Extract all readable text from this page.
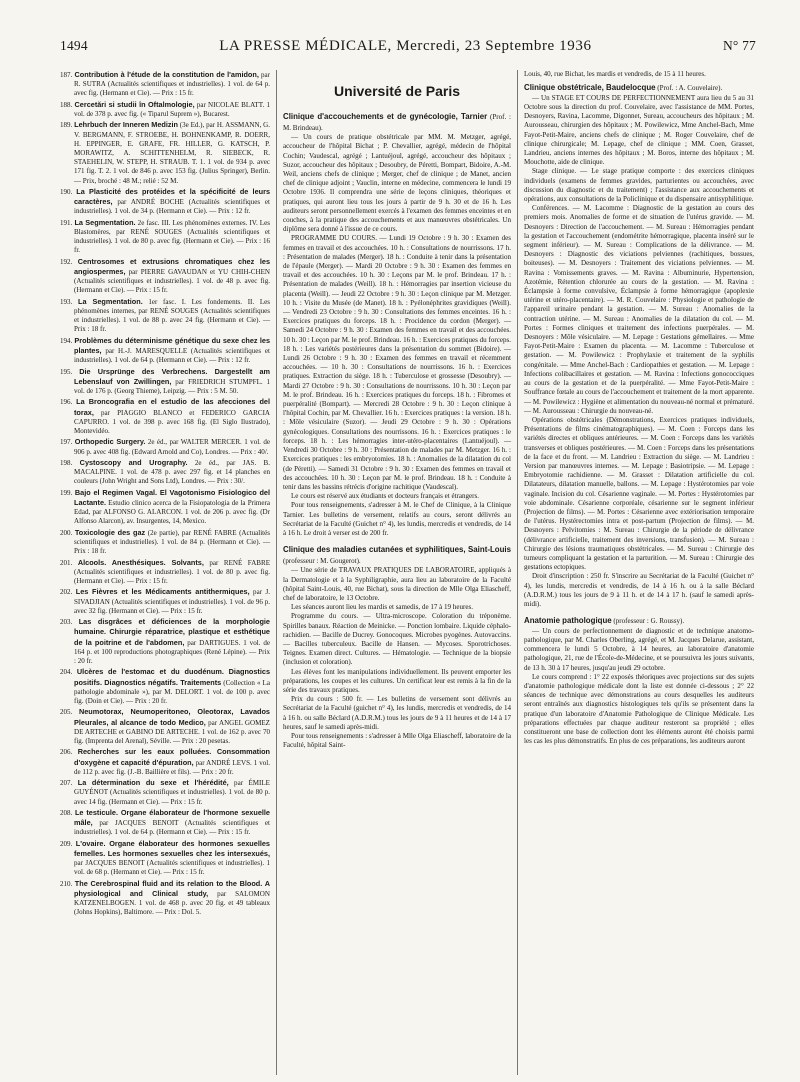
1494	LA PRESSE MÉDICALE, Mercredi, 23 Septembre 1936	N° 77

187. Contribution à l'étude de la constitution de l'amidon, par R. SUTRA (Actualités scientifiques et industrielles). 1 vol. de 64 p. avec fig. (Hermann et Cie). — Prix : 15 fr.

188. Cercetări si studii în Oftalmologie, par NICOLAE BLATT. 1 vol. de 378 p. avec fig. (« Tiparul Suprem »), Bucarest.

189. Lehrbuch der Inneren Medizin (3e Ed.), par H. ASSMANN, G. V. BERGMANN, F. STROEBE, H. BOHNENKAMP, R. DOERR, H. EPPINGER, E. GRAFE, FR. HILLER, G. KATSCH, P. MORAWITZ, A. SCHITTENHELM, R. SIEBECK, R. STAEHELIN, W. STEPP, H. STRAUB. T. 1. 1 vol. de 934 p. avec 171 fig. T. 2. 1 vol. de 846 p. avec 153 fig. (Julius Springer), Berlin. — Prix, broché : 48 M.; relié : 52 M.

190. La Plasticité des protéides et la spécificité de leurs caractères, par ANDRÉ BOCHE (Actualités scientifiques et industrielles). 1 vol. de 34 p. (Hermann et Cie). — Prix : 12 fr.

191. La Segmentation. 2e fasc. III. Les phénomènes externes. IV. Les Blastomères, par RENÉ SOUGES (Actualités scientifiques et industrielles). 1 vol. de 80 p. avec fig. (Hermann et Cie). — Prix : 16 fr.

192. Centrosomes et extrusions chromatiques chez les angiospermes, par PIERRE GAVAUDAN et YU CHIH-CHEN (Actualités scientifiques et industrielles). 1 vol. de 48 p. avec fig. (Hermann et Cie). — Prix : 15 fr.

193. La Segmentation. 1er fasc. I. Les fondements. II. Les phénomènes internes, par RENÉ SOUGES (Actualités scientifiques et industrielles). 1 vol. de 88 p. avec 24 fig. (Hermann et Cie). — Prix : 18 fr.

194. Problèmes du déterminisme génétique du sexe chez les plantes, par H.-J. MARESQUELLE (Actualités scientifiques et industrielles). 1 vol. de 64 p. (Hermann et Cie). — Prix : 12 fr.

195. Die Ursprünge des Verbrechens. Dargestellt am Lebenslauf von Zwillingen, par FRIEDRICH STUMPFL. 1 vol. de 176 p. (Georg Thieme), Leipzig. — Prix : 5 M. 50.

196. La Broncografia en el estudio de las afecciones del torax, par PIAGGIO BLANCO et FEDERICO GARCIA CAPURRO. 1 vol. de 398 p. avec 168 fig. (El Siglo Ilustrado), Montevidéo.

197. Orthopedic Surgery. 2e éd., par WALTER MERCER. 1 vol. de 906 p. avec 408 fig. (Edward Arnold and Co), Londres. — Prix : 40/.

198. Cystoscopy and Urography. 2e éd., par JAS. B. MACALPINE. 1 vol. de 478 p. avec 297 fig. et 14 planches en couleurs (John Wright and Sons Ltd), Londres. — Prix : 30/.

199. Bajo el Regimen Vagal. El Vagotonismo Fisiologico del Lactante. Estudio clinico acerca de la Fisiopatologia de la Primera Edad, par ALFONSO G. ALARCON. 1 vol. de 206 p. avec fig. (Dr Alfonso Alarcon), av. Insurgentes, 14, Mexico.

200. Toxicologie des gaz (2e partie), par RENÉ FABRE (Actualités scientifiques et industrielles). 1 vol. de 84 p. (Hermann et Cie). — Prix : 18 fr.

201. Alcools. Anesthésiques. Solvants, par RENÉ FABRE (Actualités scientifiques et industrielles). 1 vol. de 80 p. avec fig. (Hermann et Cie). — Prix : 15 fr.

202. Les Fièvres et les Médicaments antithermiques, par J. SIVADJIAN (Actualités scientifiques et industrielles). 1 vol. de 96 p. avec 32 fig. (Hermann et Cie). — Prix : 15 fr.

203. Las disgrâces et déficiences de la morphologie humaine. Chirurgie réparatrice, plastique et esthétique de la poitrine et de l'abdomen, par DARTIGUES. 1 vol. de 164 p. et 100 reproductions photographiques (René Lépine). — Prix : 20 fr.

204. Ulcères de l'estomac et du duodénum. Diagnostics positifs. Diagnostics négatifs. Traitements (Collection « La pathologie abdominale »), par M. DELORT. 1 vol. de 100 p. avec fig. (Doin et Cie). — Prix : 20 fr.

205. Neumotorax, Neumoperitoneo, Oleotorax, Lavados Pleurales, al alcance de todo Medico, par ANGEL GOMEZ DE ARTECHE et GABINO DE ARTECHE. 1 vol. de 162 p. avec 70 fig. (Imprenta del Arenal), Séville. — Prix : 20 pesetas.

206. Recherches sur les eaux polluées. Consommation d'oxygène et capacité d'épuration, par ANDRÉ LEVS. 1 vol. de 112 p. avec fig. (J.-B. Baillière et fils). — Prix : 20 fr.

207. La détermination du sexe et l'hérédité, par ÉMILE GUYÉNOT (Actualités scientifiques et industrielles). 1 vol. de 80 p. avec 14 fig. (Hermann et Cie). — Prix : 15 fr.

208. Le testicule. Organe élaborateur de l'hormone sexuelle mâle, par JACQUES BENOIT (Actualités scientifiques et industrielles). 1 vol. de 64 p. (Hermann et Cie). — Prix : 15 fr.

209. L'ovaire. Organe élaborateur des hormones sexuelles femelles. Les hormones sexuelles chez les intersexués, par JACQUES BENOIT (Actualités scientifiques et industrielles). 1 vol. de 68 p. (Hermann et Cie). — Prix : 15 fr.

210. The Cerebrospinal fluid and its relation to the Blood. A physiological and Clinical study, par SALOMON KATZENELBOGEN. 1 vol. de 468 p. avec 20 fig. et 49 tableaux (Johns Hopkins), Baltimore. — Prix : Dol. 5.

Université de Paris
Clinique d'accouchements et de gynécologie, Tarnier (Prof. : M. Brindeau).

— Un cours de pratique obstétricale par MM. M. Metzger, agrégé, accoucheur de l'hôpital Bichat ; P. Chevallier, agrégé, médecin de l'hôpital Cochin; Vaudescal, agrégé ; Lantuéjoul, agrégé, accoucheur des hôpitaux ; Suzor, accoucheur des hôpitaux ; Desoubry, de Péretti, Bompart, Bidoire, A.-M. Weil, anciens chefs de clinique ; Merger, chef de clinique ; de Manet, ancien chef de clinique adjoint ; Vauclin, interne en médecine, commencera le lundi 19 Octobre 1936. Il comprendra une série de leçons cliniques, théoriques et pratiques, qui auront lieu tous les jours à partir de 9 h. 30 et de 16 h. Les auditeurs seront personnellement exercés à l'examen des femmes enceintes et en couches, à la pratique des accouchements et aux manœuvres obstétricales. Un diplôme sera donné à l'issue de ce cours.

PROGRAMME DU COURS. — Lundi 19 Octobre : 9 h. 30 : Examen des femmes en travail et des accouchées. 10 h. : Consultations de nourrissons. 17 h. : Présentation de malades (Merger). 18 h. : Conduite à tenir dans la présentation de l'épaule (Merger). — Mardi 20 Octobre : 9 h. 30 : Examen des femmes en travail et des accouchées. 10 h. 30 : Leçons par M. le prof. Brindeau. 17 h. : Présentation de malades (Weill). 18 h. : Hémorragies par insertion vicieuse du placenta (Weill). — Jeudi 22 Octobre : 9 h. 30 : Leçon clinique par M. Metzger. 10 h. : Visite du Musée (de Manet). 18 h. : Pyélonéphrites gravidiques (Weill). — Vendredi 23 Octobre : 9 h. 30 : Consultations des femmes enceintes. 16 h. : Exercices pratiques du forceps. 18 h. : Procidence du cordon (Merger). — Samedi 24 Octobre : 9 h. 30 : Examen des femmes en travail et des accouchées. 10 h. 30 : Leçon par M. le prof. Brindeau. 16 h. : Exercices pratiques du forceps. 18 h. : Les variétés postérieures dans la présentation du sommet (Bidoire). — Lundi 26 Octobre : 9 h. 30 : Examen des femmes en travail et récemment accouchées. — 10 h. 30 : Consultations de nourrissons. 16 h. : Exercices pratiques. Extraction du siège. 18 h. : Tuberculose et grossesse (Desoubry). — Mardi 27 Octobre : 9 h. 30 : Consultations de nourrissons. 10 h. 30 : Leçon par M. le prof. Brindeau. 16 h. : Exercices pratiques du forceps. 18 h. : Fibromes et puerpéralité (Bompart). — Mercredi 28 Octobre : 9 h. 30 : Leçon clinique à l'hôpital Cochin, par M. Chevallier. 16 h. : Exercices pratiques : la version. 18 h. : Môle vésiculaire (Suzor). — Jeudi 29 Octobre : 9 h. 30 : Opérations gynécologiques. Consultations des nourrissons. 16 h. : Exercices pratiques : le forceps. 18 h. : Les hémorragies inter-utéro-placentaires (Lantuéjoul). — Vendredi 30 Octobre : 9 h. 30 : Présentation de malades par M. Metzger. 16 h. : Exercices pratiques : les embryotomies. 18 h. : Anomalies de la dilatation du col (de Péretti). — Samedi 31 Octobre : 9 h. 30 : Examen des femmes en travail et des accouchées. 10 h. 30 : Leçon par M. le prof. Brindeau. 18 h. : Conduite à tenir dans les bassins rétrécis d'origine rachitique (Vaudescal).

Le cours est réservé aux étudiants et docteurs français et étrangers.

Pour tous renseignements, s'adresser à M. le Chef de Clinique, à la Clinique Tarnier. Les bulletins de versement, relatifs au cours, seront délivrés au Secrétariat de la Faculté (Guichet n° 4), les lundis, mercredis et vendredis, de 14 à 16 h. Le droit à verser est de 200 fr.

Clinique des maladies cutanées et syphilitiques, Saint-Louis (professeur : M. Gougerot).

— Une série de TRAVAUX PRATIQUES DE LABORATOIRE, appliqués à la Dermatologie et à la Syphiligraphie, aura lieu au laboratoire de la Faculté (hôpital Saint-Louis, 40, rue Bichat), sous la direction de Mlle Olga Eliascheff, chef de laboratoire, le 13 Octobre.

Les séances auront lieu les mardis et samedis, de 17 à 19 heures.

Programme du cours. — Ultra-microscope. Coloration du tréponème. Spirilles banaux. Réaction de Meinicke. — Ponction lombaire. Liquide céphalo-rachidien. — Bacille de Ducrey. Gonocoques. Microbes pyogènes. Autovaccins. — Bacilles tuberculeux. Bacille de Hansen. — Mycoses. Sporotrichoses. Teignes. Examen direct. Cultures. — Hématologie. — Technique de la biopsie (inclusion et coloration).

Les élèves font les manipulations individuellement. Ils peuvent emporter les préparations, les coupes et les cultures. Un certificat leur est remis à la fin de la série des travaux pratiques.

Prix du cours : 500 fr. — Les bulletins de versement sont délivrés au Secrétariat de la Faculté (guichet n° 4), les lundis, mercredis et vendredis, de 14 à 16 h. ou salle Béclard (A.D.R.M.) tous les jours de 9 à 11 heures et de 14 à 17 heures, sauf le samedi après-midi.

Pour tous renseignements : s'adresser à Mlle Olga Eliascheff, laboratoire de la Faculté, hôpital Saint-

Louis, 40, rue Bichat, les mardis et vendredis, de 15 à 11 heures.

Clinique obstétricale, Baudelocque (Prof. : A. Couvelaire).

— Un STAGE ET COURS DE PERFECTIONNEMENT aura lieu du 5 au 31 Octobre sous la direction du prof. Couvelaire, avec l'assistance de MM. Portes, Desnoyers, Ravina, Lacomme, Digonnet, Sureau, accoucheurs des hôpitaux ; M. Aurousseau, chirurgien des hôpitaux ; M. Powilewicz, Mme Anchel-Bach, Mme Fayot-Petit-Maire, anciens chefs de clinique ; M. Roger Couvelaire, chef de clinique chirurgicale; M. Lepage, chef de clinique ; MM. Coen, Grasset, Landrieu, anciens internes des hôpitaux ; M. Boros, interne des hôpitaux ; M. Mouchotte, aide de clinique.

Stage clinique. — Le stage pratique comporte : des exercices cliniques individuels (examens de femmes gravides, parturientes ou accouchées, avec discussion du diagnostic et du traitement) ; l'assistance aux accouchements et opérations, aux consultations de la Policlinique et du dispensaire antisyphilitique.

Conférences. — M. Lacomme : Diagnostic de la gestation au cours des premiers mois. Anomalies de forme et de situation de l'utérus gravide. — M. Desnoyers : Direction de l'accouchement. — M. Sureau : Hémorragies pendant la gestation et l'accouchement (endométrite hémorragique, placenta inséré sur le segment inférieur). — M. Sureau : Complications de la délivrance. — M. Desnoyers : Diagnostic des viciations pelviennes (rachitiques, bossues, boiteuses). — M. Desnoyers : Traitement des viciations pelviennes. — M. Ravina : Vomissements graves. — M. Ravina : Albuminurie, Hypertension, Azotémie, Rétention chlorurée au cours de la gestation. — M. Ravina : Éclampsie à forme convulsive, Éclampsie à forme hémorragique (apoplexie utérine et utéro-placentaire). — M. R. Couvelaire : Physiologie et pathologie de l'appareil urinaire pendant la gestation. — M. Sureau : Anomalies de la contraction utérine. — M. Sureau : Anomalies de la dilatation du col. — M. Portes : Formes cliniques et traitement des infections puerpérales. — M. Desnoyers : Môle vésiculaire. — M. Lepage : Gestations gémellaires. — Mme Fayot-Petit-Maire : Examen du placenta. — M. Lacomme : Tuberculose et gestation. — M. Powilewicz : Prophylaxie et traitement de la syphilis congénitale. — Mme Anchel-Bach : Cardiopathies et gestation. — M. Lepage : Infections colibacillaires et gestation. — M. Ravina : Infections gonococciques au cours de la gestation et de la puerpéralité. — Mme Fayot-Petit-Maire : Souffrance fœtale au cours de l'accouchement et traitement de la mort apparente. — M. Powilewicz : Hygiène et alimentation du nouveau-né normal et prématuré. — M. Aurousseau : Chirurgie du nouveau-né.

Opérations obstétricales (Démonstrations, Exercices pratiques individuels, Présentations de films cinématographiques). — M. Coen : Forceps dans les variétés directes et obliques antérieures. — M. Coen : Forceps dans les variétés transverses et obliques postérieures. — M. Coen : Forceps dans les présentations de la face et du front. — M. Landrieu : Extraction du siège. — M. Landrieu : Version par manœuvres internes. — M. Lepage : Basiotripsie. — M. Lepage : Embryotomie rachidienne. — M. Grasset : Dilatation artificielle du col. Dilatateurs, dilatation manuelle, ballons. — M. Lepage : Hystérotomies par voie vaginale. Incision du col. Césarienne vaginale. — M. Portes : Hystérotomies par voie abdominale. Césarienne corporéale, césarienne sur le segment inférieur (Projection de films). — M. Portes : Césarienne avec extériorisation temporaire de l'utérus. Hystérectomies intra et post-partum (Projection de films). — M. Desnoyers : Pelvitomies : M. Sureau : Chirurgie de la période de délivrance (délivrance artificielle, traitement des inversions, transfusion). — M. Sureau : Chirurgie des lésions traumatiques obstétricales. — M. Sureau : Chirurgie des tumeurs compliquant la gestation et la parturition. — M. Sureau : Chirurgie des gestations ectopiques.

Droit d'inscription : 250 fr. S'inscrire au Secrétariat de la Faculté (Guichet n° 4), les lundis, mercredis et vendredis, de 14 à 16 h. ou à la salle Béclard (A.D.R.M.) tous les jours de 9 à 11 h. et de 14 à 17 h. (sauf le samedi après-midi).

Anatomie pathologique (professeur : G. Roussy).

— Un cours de perfectionnement de diagnostic et de technique anatomo-pathologique, par M. Charles Oberling, agrégé, et M. Jacques Delarue, assistant, commencera le lundi 5 Octobre, à 14 heures, au laboratoire d'anatomie pathologique, 21, rue de l'École-de-Médecine, et se poursuivra les jours suivants, de 13 h. 30 à 17 heures, jusqu'au jeudi 29 octobre.

Le cours comprend : 1° 22 exposés théoriques avec projections sur des sujets d'anatomie pathologique médicale dont la liste est donnée ci-dessous ; 2° 22 séances de technique avec démonstrations au cours desquelles les auditeurs seront entraînés aux diagnostics histologiques tels qu'ils se présentent dans la pratique d'un laboratoire d'Anatomie Pathologique de Clinique Médicale. Les préparations effectuées par chaque auditeur resteront sa propriété ; elles constitueront une base de collection dont les éléments auront été choisis parmi les cas les plus démonstratifs. En plus de ces préparations, les auditeurs auront
